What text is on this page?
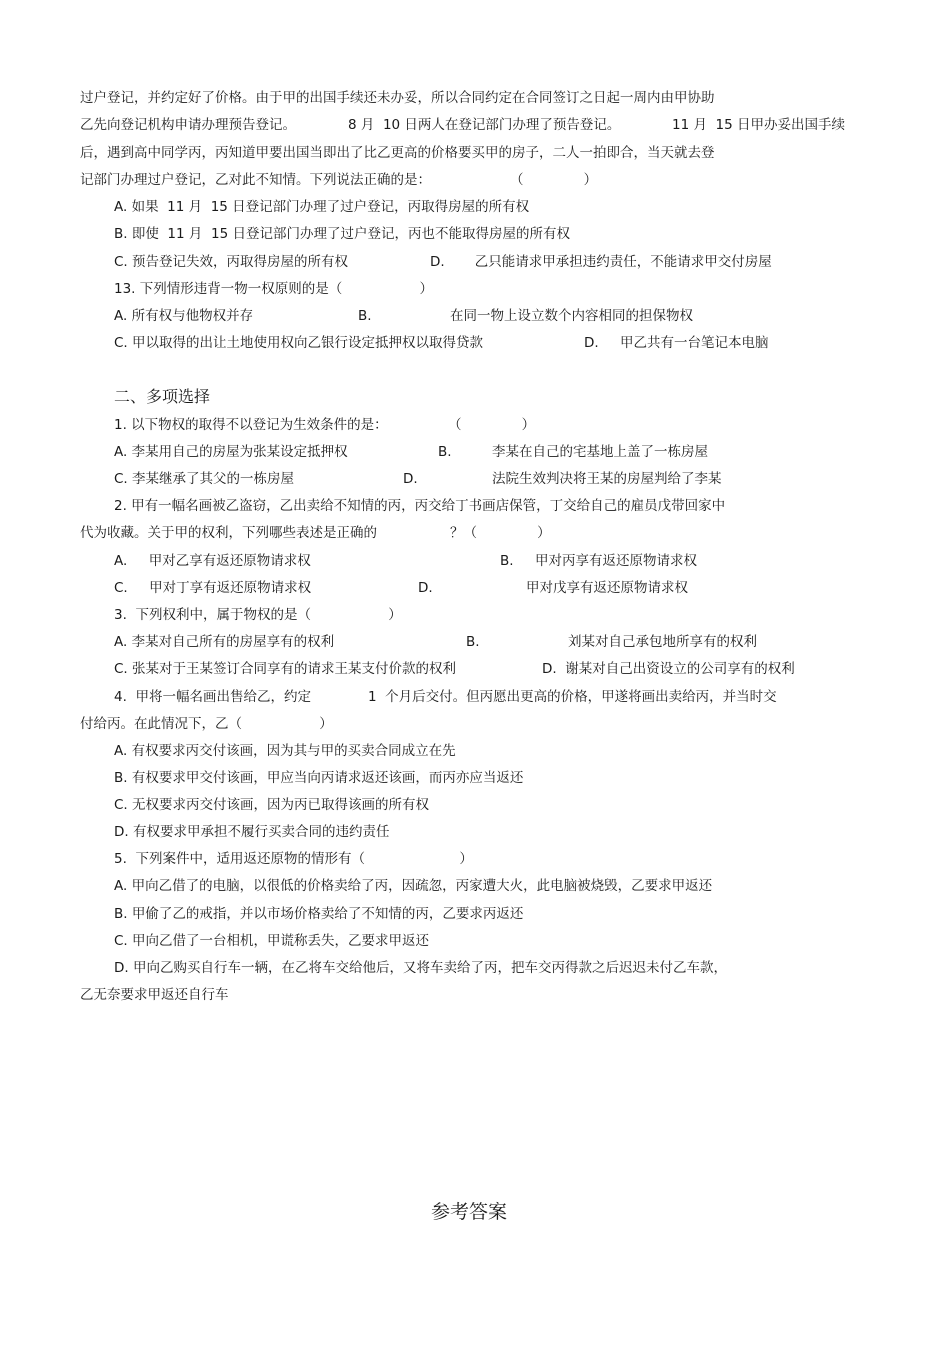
过户登记，并约定好了价格。由于甲的出国手续还未办妥，所以合同约定在合同签订之日起一周内由甲协助
乙先向登记机构申请办理预告登记。	8 月  10 日两人在登记部门办理了预告登记。	11 月  15 日甲办妥出国手续
后，遇到高中同学丙，丙知道甲要出国当即出了比乙更高的价格要买甲的房子，二人一拍即合，当天就去登
记部门办理过户登记，乙对此不知情。下列说法正确的是：	（              ）
A. 如果  11 月  15 日登记部门办理了过户登记，丙取得房屋的所有权
B. 即使  11 月  15 日登记部门办理了过户登记，丙也不能取得房屋的所有权
C. 预告登记失效，丙取得房屋的所有权	D.       乙只能请求甲承担违约责任，不能请求甲交付房屋
13. 下列情形违背一物一权原则的是（                  ）
A. 所有权与他物权并存	B.	在同一物上设立数个内容相同的担保物权
C. 甲以取得的出让土地使用权向乙银行设定抵押权以取得贷款	D. 甲乙共有一台笔记本电脑
二、多项选择
1. 以下物权的取得不以登记为生效条件的是：	（              ）
A. 李某用自己的房屋为张某设定抵押权	B.	李某在自己的宅基地上盖了一栋房屋
C. 李某继承了其父的一栋房屋	D.	法院生效判决将王某的房屋判给了李某
2. 甲有一幅名画被乙盗窃，乙出卖给不知情的丙，丙交给丁书画店保管，丁交给自己的雇员戊带回家中
代为收藏。关于甲的权利，下列哪些表述是正确的	？（              ）
A.     甲对乙享有返还原物请求权	B.     甲对丙享有返还原物请求权
C.     甲对丁享有返还原物请求权	D.	甲对戊享有返还原物请求权
3.  下列权利中，属于物权的是（                  ）
A. 李某对自己所有的房屋享有的权利	B.	刘某对自己承包地所享有的权利
C. 张某对于王某签订合同享有的请求王某支付价款的权利	D.  谢某对自己出资设立的公司享有的权利
4.  甲将一幅名画出售给乙，约定	1  个月后交付。但丙愿出更高的价格，甲遂将画出卖给丙，并当时交
付给丙。在此情况下，乙（                  ）
A. 有权要求丙交付该画，因为其与甲的买卖合同成立在先
B. 有权要求甲交付该画，甲应当向丙请求返还该画，而丙亦应当返还
C. 无权要求丙交付该画，因为丙已取得该画的所有权
D. 有权要求甲承担不履行买卖合同的违约责任
5.  下列案件中，适用返还原物的情形有（                      ）
A. 甲向乙借了的电脑，以很低的价格卖给了丙，因疏忽，丙家遭大火，此电脑被烧毁，乙要求甲返还
B. 甲偷了乙的戒指，并以市场价格卖给了不知情的丙，乙要求丙返还
C. 甲向乙借了一台相机，甲谎称丢失，乙要求甲返还
D. 甲向乙购买自行车一辆，在乙将车交给他后，又将车卖给了丙，把车交丙得款之后迟迟未付乙车款，
乙无奈要求甲返还自行车
参考答案
